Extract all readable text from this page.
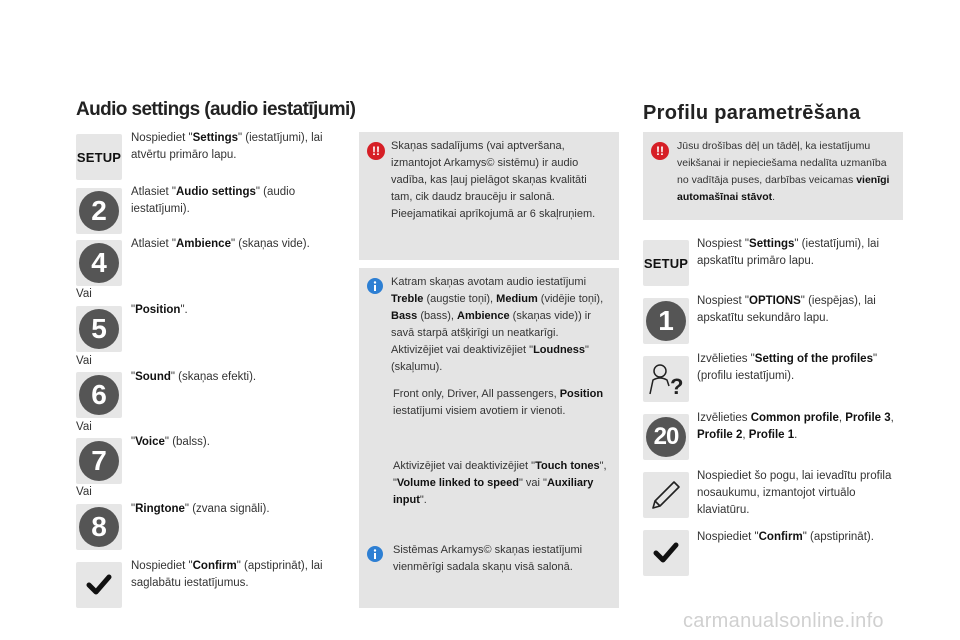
Audio settings (audio iestatījumi)
SETUP
Nospiediet "Settings" (iestatījumi), lai atvērtu primāro lapu.
2
Atlasiet "Audio settings" (audio iestatījumi).
4
Atlasiet "Ambience" (skaņas vide).
Vai
5
"Position".
Vai
6
"Sound" (skaņas efekti).
Vai
7
"Voice" (balss).
Vai
8
"Ringtone" (zvana signāli).
Nospiediet "Confirm" (apstiprināt), lai saglabātu iestatījumus.
!!	Skaņas sadalījums (vai aptveršana, izmantojot Arkamys© sistēmu) ir audio vadība, kas ļauj pielāgot skaņas kvalitāti tam, cik daudz braucēju ir salonā. Pieejamatikai aprīkojumā ar 6 skaļruņiem.
Katram skaņas avotam audio iestatījumi Treble (augstie toņi), Medium (vidējie toņi), Bass (bass), Ambience (skaņas vide)) ir savā starpā atšķirīgi un neatkarīgi. Aktivizējiet vai deaktivizējiet "Loudness" (skaļumu).
Front only, Driver, All passengers, Position iestatījumi visiem avotiem ir vienoti.
Aktivizējiet vai deaktivizējiet "Touch tones", "Volume linked to speed" vai "Auxiliary input".
Sistēmas Arkamys© skaņas iestatījumi vienmērīgi sadala skaņu visā salonā.
Profilu parametrēšana
!!	Jūsu drošības dēļ un tādēļ, ka iestatījumu veikšanai ir nepieciešama nedalīta uzmanība no vadītāja puses, darbības veicamas vienīgi automašīnai stāvot.
SETUP
Nospiest "Settings" (iestatījumi), lai apskatītu primāro lapu.
1
Nospiest "OPTIONS" (iespējas), lai apskatītu sekundāro lapu.
?
Izvēlieties "Setting of the profiles" (profilu iestatījumi).
20
Izvēlieties Common profile, Profile 3, Profile 2, Profile 1.
Nospiediet šo pogu, lai ievadītu profila nosaukumu, izmantojot virtuālo klaviatūru.
Nospiediet "Confirm" (apstiprināt).
carmanualsonline.info
